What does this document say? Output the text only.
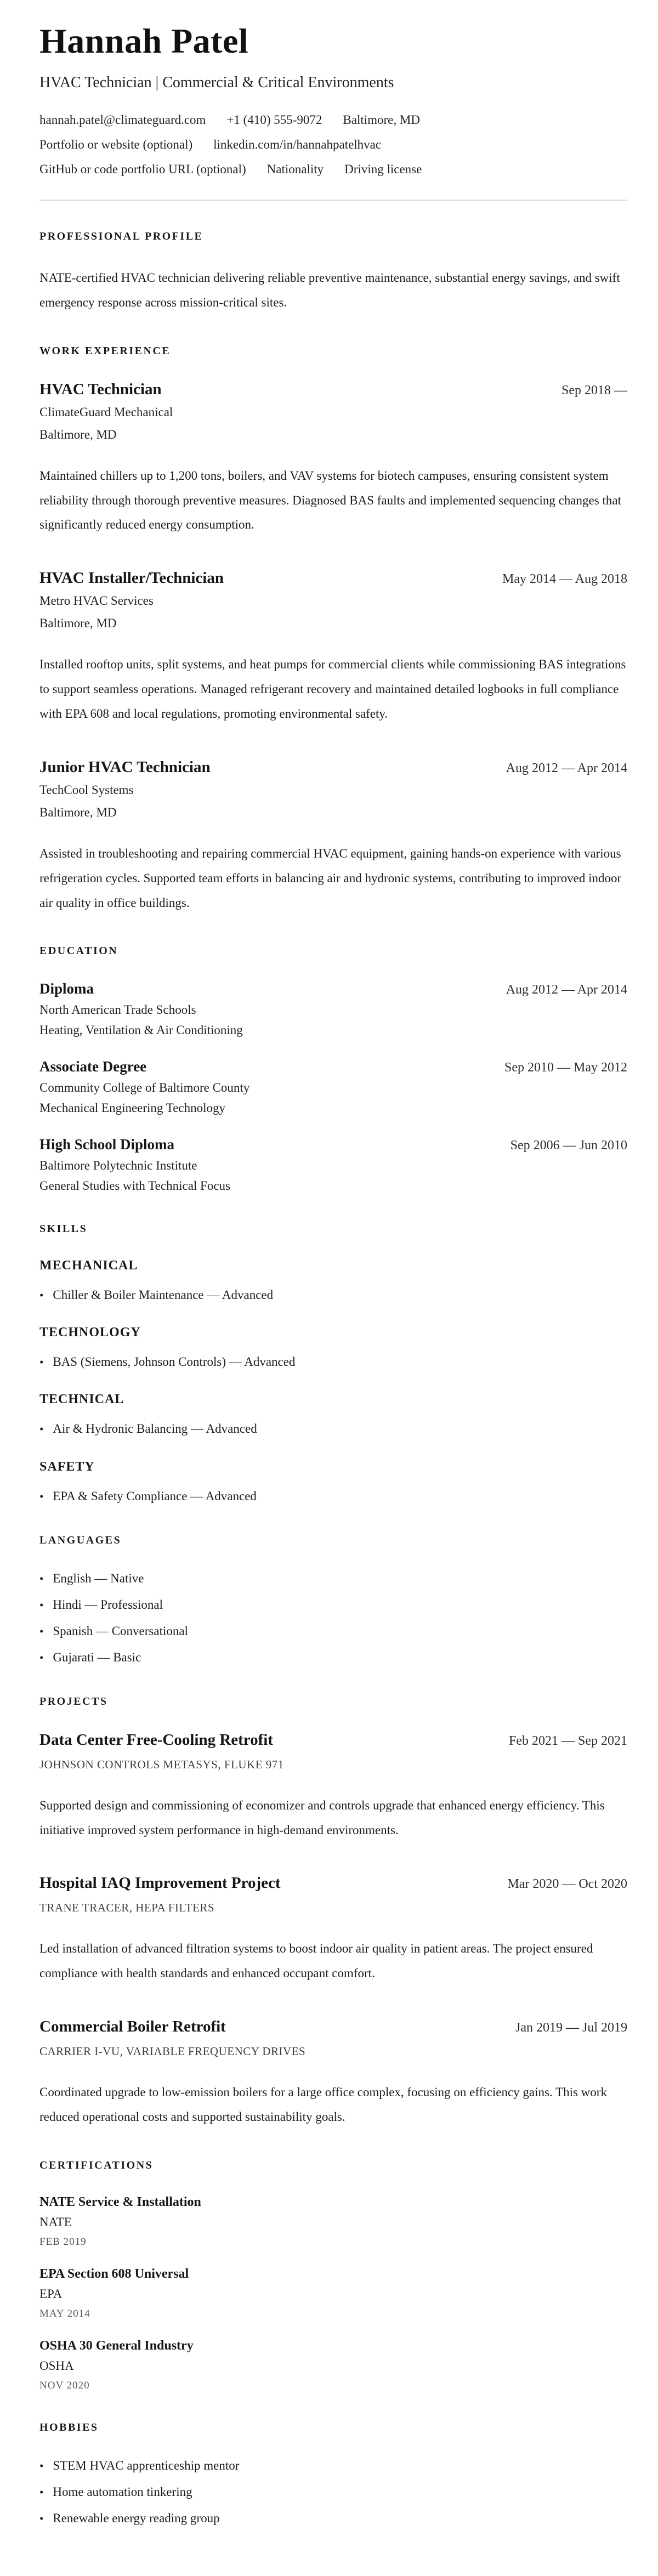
Hannah Patel
HVAC Technician | Commercial & Critical Environments
hannah.patel@climateguard.com +1 (410) 555-9072 Baltimore, MD
Portfolio or website (optional) linkedin.com/in/hannahpatelhvac
GitHub or code portfolio URL (optional) Nationality Driving license
PROFESSIONAL PROFILE

NATE-certified HVAC technician delivering reliable preventive maintenance, substantial energy savings, and swift emergency response across mission-critical sites.

WORK EXPERIENCE
HVAC Technician	Sep 2018 —
ClimateGuard Mechanical
Baltimore, MD

Maintained chillers up to 1,200 tons, boilers, and VAV systems for biotech campuses, ensuring consistent system reliability through thorough preventive measures. Diagnosed BAS faults and implemented sequencing changes that significantly reduced energy consumption.

HVAC Installer/Technician	May 2014 — Aug 2018
Metro HVAC Services
Baltimore, MD

Installed rooftop units, split systems, and heat pumps for commercial clients while commissioning BAS integrations to support seamless operations. Managed refrigerant recovery and maintained detailed logbooks in full compliance with EPA 608 and local regulations, promoting environmental safety.

Junior HVAC Technician	Aug 2012 — Apr 2014
TechCool Systems
Baltimore, MD

Assisted in troubleshooting and repairing commercial HVAC equipment, gaining hands-on experience with various refrigeration cycles. Supported team efforts in balancing air and hydronic systems, contributing to improved indoor air quality in office buildings.

EDUCATION
Diploma	Aug 2012 — Apr 2014
North American Trade Schools
Heating, Ventilation & Air Conditioning
Associate Degree	Sep 2010 — May 2012
Community College of Baltimore County
Mechanical Engineering Technology
High School Diploma	Sep 2006 — Jun 2010
Baltimore Polytechnic Institute
General Studies with Technical Focus
SKILLS
MECHANICAL
• Chiller & Boiler Maintenance — Advanced
TECHNOLOGY
• BAS (Siemens, Johnson Controls) — Advanced
TECHNICAL
• Air & Hydronic Balancing — Advanced
SAFETY
• EPA & Safety Compliance — Advanced
LANGUAGES
• English — Native
• Hindi — Professional
• Spanish — Conversational
• Gujarati — Basic
PROJECTS
Data Center Free-Cooling Retrofit	Feb 2021 — Sep 2021
JOHNSON CONTROLS METASYS, FLUKE 971

Supported design and commissioning of economizer and controls upgrade that enhanced energy efficiency. This initiative improved system performance in high-demand environments.

Hospital IAQ Improvement Project	Mar 2020 — Oct 2020
TRANE TRACER, HEPA FILTERS

Led installation of advanced filtration systems to boost indoor air quality in patient areas. The project ensured compliance with health standards and enhanced occupant comfort.

Commercial Boiler Retrofit	Jan 2019 — Jul 2019
CARRIER I-VU, VARIABLE FREQUENCY DRIVES

Coordinated upgrade to low-emission boilers for a large office complex, focusing on efficiency gains. This work reduced operational costs and supported sustainability goals.

CERTIFICATIONS
NATE Service & Installation
NATE
FEB 2019
EPA Section 608 Universal
EPA
MAY 2014
OSHA 30 General Industry
OSHA
NOV 2020
HOBBIES
• STEM HVAC apprenticeship mentor
• Home automation tinkering
• Renewable energy reading group
